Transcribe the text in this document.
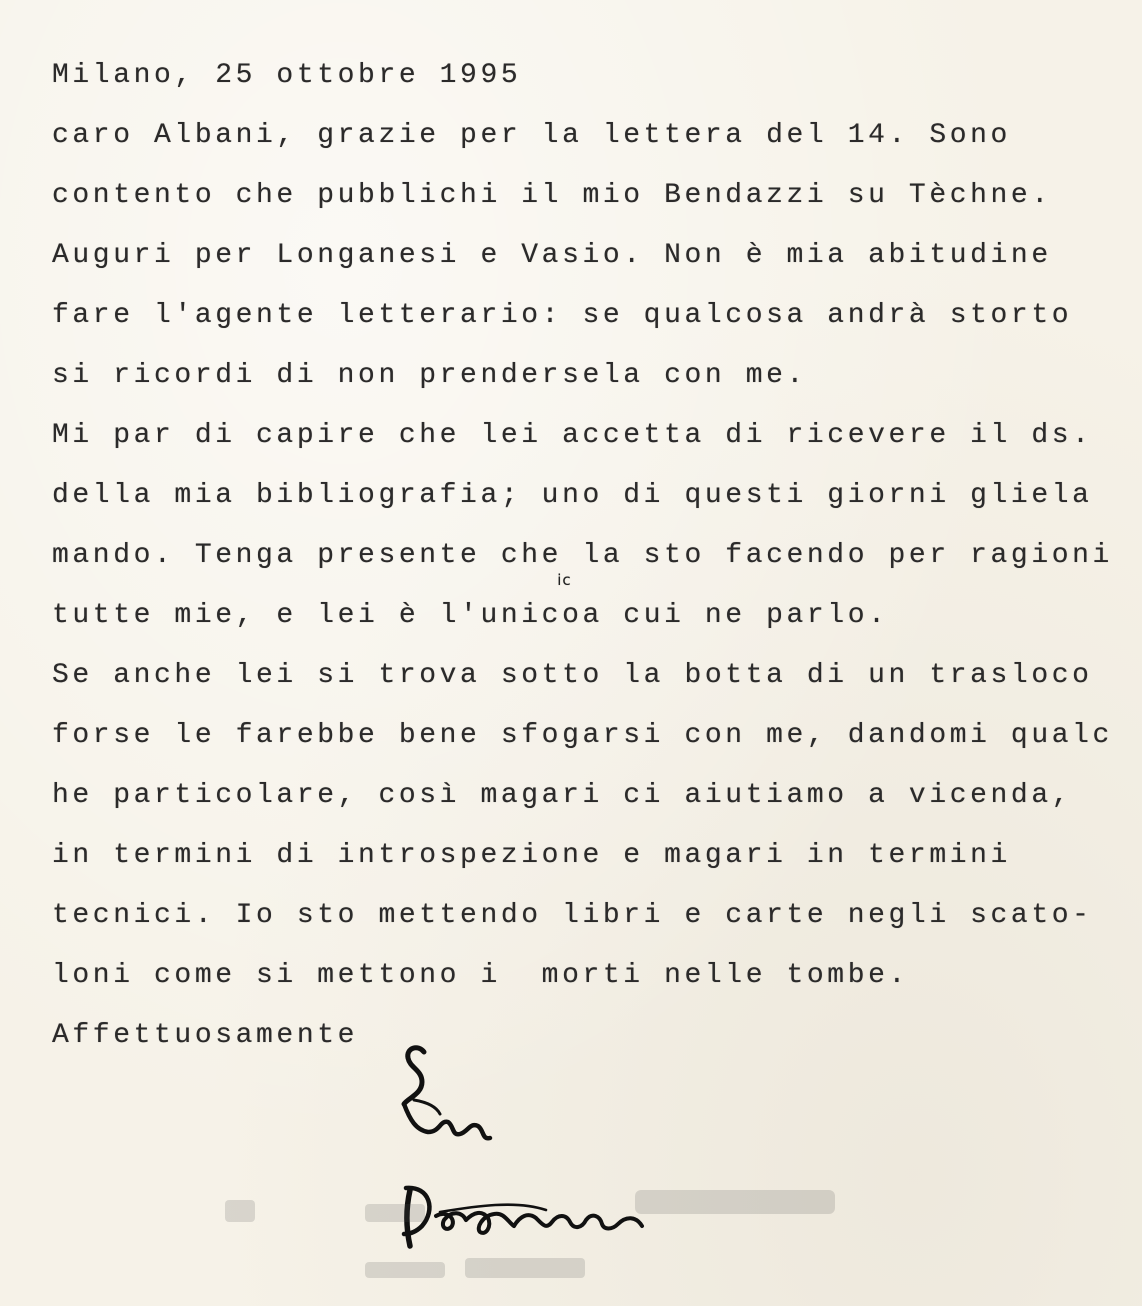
Milano, 25 ottobre 1995
caro Albani, grazie per la lettera del 14. Sono
contento che pubblichi il mio Bendazzi su Tèchne.
Auguri per Longanesi e Vasio. Non è mia abitudine
fare l'agente letterario: se qualcosa andrà storto
si ricordi di non prendersela con me.
Mi par di capire che lei accetta di ricevere il ds.
della mia bibliografia; uno di questi giorni gliela
mando. Tenga presente che la sto facendo per ragioni
tutte mie, e lei è l'unico
ic
a cui ne parlo.
Se anche lei si trova sotto la botta di un trasloco
forse le farebbe bene sfogarsi con me, dandomi qualc
he particolare, così magari ci aiutiamo a vicenda,
in termini di introspezione e magari in termini
tecnici. Io sto mettendo libri e carte negli scato-
loni come si mettono i  morti nelle tombe.
Affettuosamente
